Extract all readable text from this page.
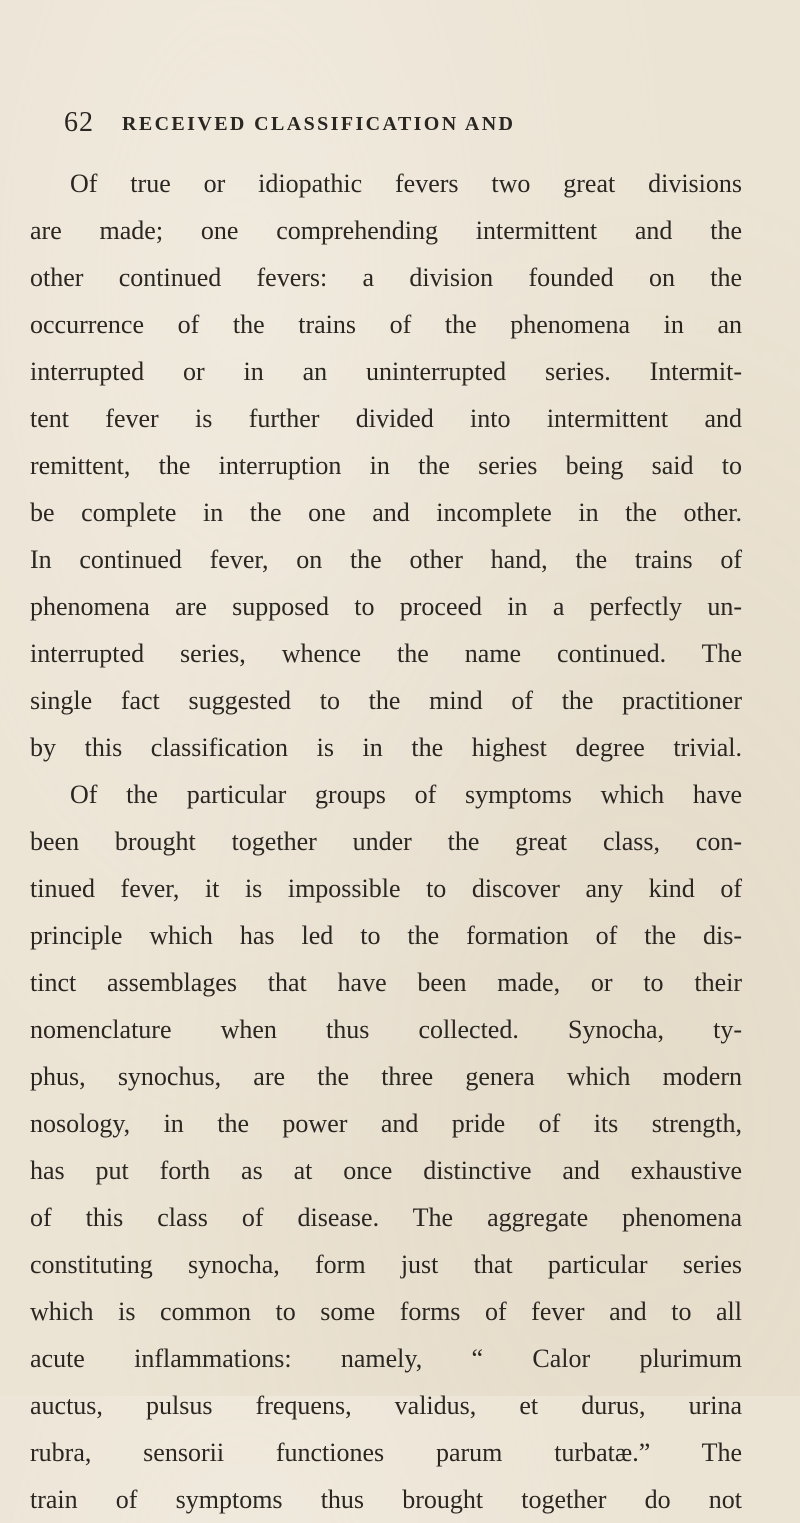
62 RECEIVED CLASSIFICATION AND
Of true or idiopathic fevers two great divisions
are made; one comprehending intermittent and the
other continued fevers: a division founded on the
occurrence of the trains of the phenomena in an
interrupted or in an uninterrupted series. Intermit-
tent fever is further divided into intermittent and
remittent, the interruption in the series being said to
be complete in the one and incomplete in the other.
In continued fever, on the other hand, the trains of
phenomena are supposed to proceed in a perfectly un-
interrupted series, whence the name continued. The
single fact suggested to the mind of the practitioner
by this classification is in the highest degree trivial.
Of the particular groups of symptoms which have
been brought together under the great class, con-
tinued fever, it is impossible to discover any kind of
principle which has led to the formation of the dis-
tinct assemblages that have been made, or to their
nomenclature when thus collected. Synocha, ty-
phus, synochus, are the three genera which modern
nosology, in the power and pride of its strength,
has put forth as at once distinctive and exhaustive
of this class of disease. The aggregate phenomena
constituting synocha, form just that particular series
which is common to some forms of fever and to all
acute inflammations: namely, “ Calor plurimum
auctus, pulsus frequens, validus, et durus, urina
rubra, sensorii functiones parum turbatæ.” The
train of symptoms thus brought together do not
